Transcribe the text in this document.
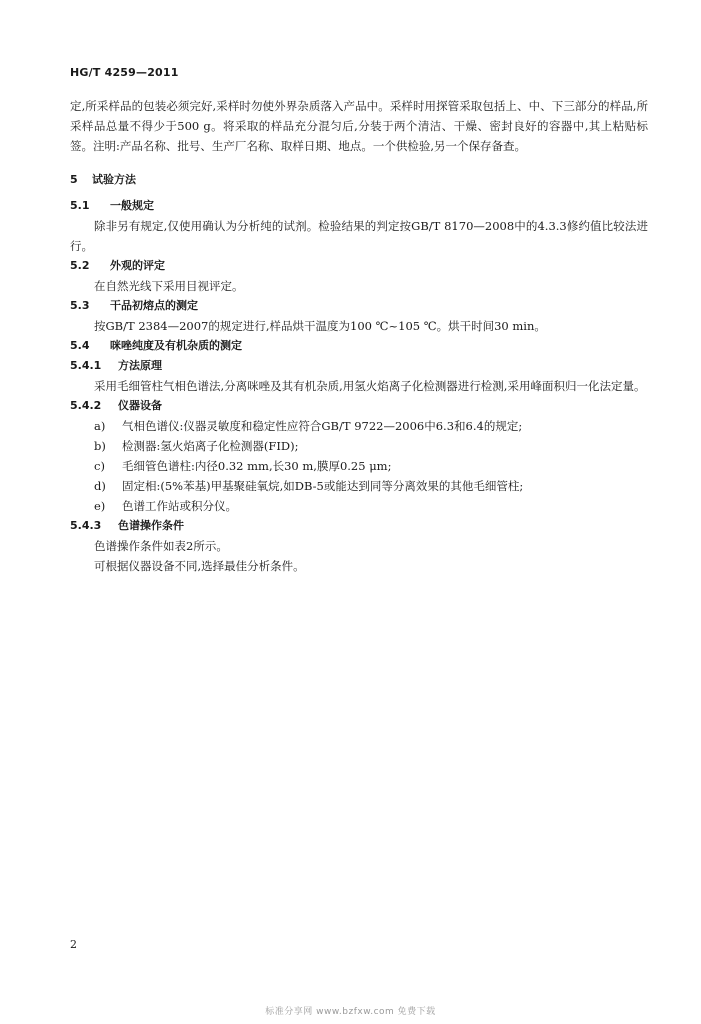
HG/T 4259—2011

定,所采样品的包装必须完好,采样时勿使外界杂质落入产品中。采样时用探管采取包括上、中、下三部分的样品,所采样品总量不得少于500 g。将采取的样品充分混匀后,分装于两个清洁、干燥、密封良好的容器中,其上粘贴标签。注明:产品名称、批号、生产厂名称、取样日期、地点。一个供检验,另一个保存备查。

5 试验方法

5.1 一般规定

除非另有规定,仅使用确认为分析纯的试剂。检验结果的判定按GB/T 8170—2008中的4.3.3修约值比较法进行。

5.2 外观的评定

在自然光线下采用目视评定。

5.3 干品初熔点的测定

按GB/T 2384—2007的规定进行,样品烘干温度为100 ℃~105 ℃。烘干时间30 min。

5.4 咪唑纯度及有机杂质的测定

5.4.1 方法原理

采用毛细管柱气相色谱法,分离咪唑及其有机杂质,用氢火焰离子化检测器进行检测,采用峰面积归一化法定量。

5.4.2 仪器设备

a)	气相色谱仪:仪器灵敏度和稳定性应符合GB/T 9722—2006中6.3和6.4的规定;
b)	检测器:氢火焰离子化检测器(FID);
c)	毛细管色谱柱:内径0.32 mm,长30 m,膜厚0.25 μm;
d)	固定相:(5%苯基)甲基聚硅氧烷,如DB-5或能达到同等分离效果的其他毛细管柱;
e)	色谱工作站或积分仪。

5.4.3 色谱操作条件

色谱操作条件如表2所示。

可根据仪器设备不同,选择最佳分析条件。

2
标准分享网 www.bzfxw.com 免费下载
